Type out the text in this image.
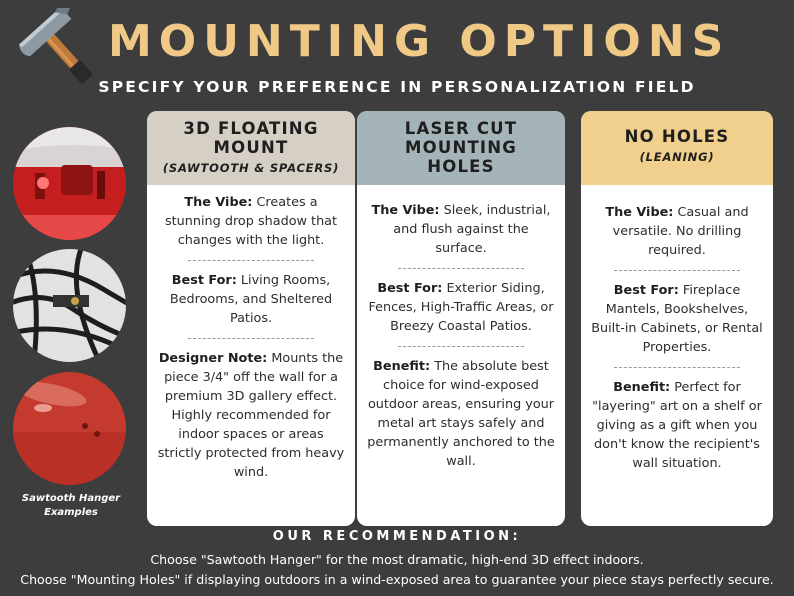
MOUNTING OPTIONS
SPECIFY YOUR PREFERENCE IN PERSONALIZATION FIELD
Sawtooth Hanger
Examples
3D FLOATING
MOUNT
(SAWTOOTH & SPACERS)

The Vibe: Creates a stunning drop shadow that changes with the light.

Best For: Living Rooms, Bedrooms, and Sheltered Patios.

Designer Note: Mounts the piece 3/4" off the wall for a premium 3D gallery effect. Highly recommended for indoor spaces or areas strictly protected from heavy wind.

LASER CUT
MOUNTING
HOLES

The Vibe: Sleek, industrial, and flush against the surface.

Best For: Exterior Siding, Fences, High-Traffic Areas, or Breezy Coastal Patios.

Benefit: The absolute best choice for wind-exposed outdoor areas, ensuring your metal art stays safely and permanently anchored to the wall.

NO HOLES
(LEANING)

The Vibe: Casual and versatile. No drilling required.

Best For: Fireplace Mantels, Bookshelves, Built-in Cabinets, or Rental Properties.

Benefit: Perfect for "layering" art on a shelf or giving as a gift when you don't know the recipient's wall situation.

OUR RECOMMENDATION:
Choose "Sawtooth Hanger" for the most dramatic, high-end 3D effect indoors.
Choose "Mounting Holes" if displaying outdoors in a wind-exposed area to guarantee your piece stays perfectly secure.
